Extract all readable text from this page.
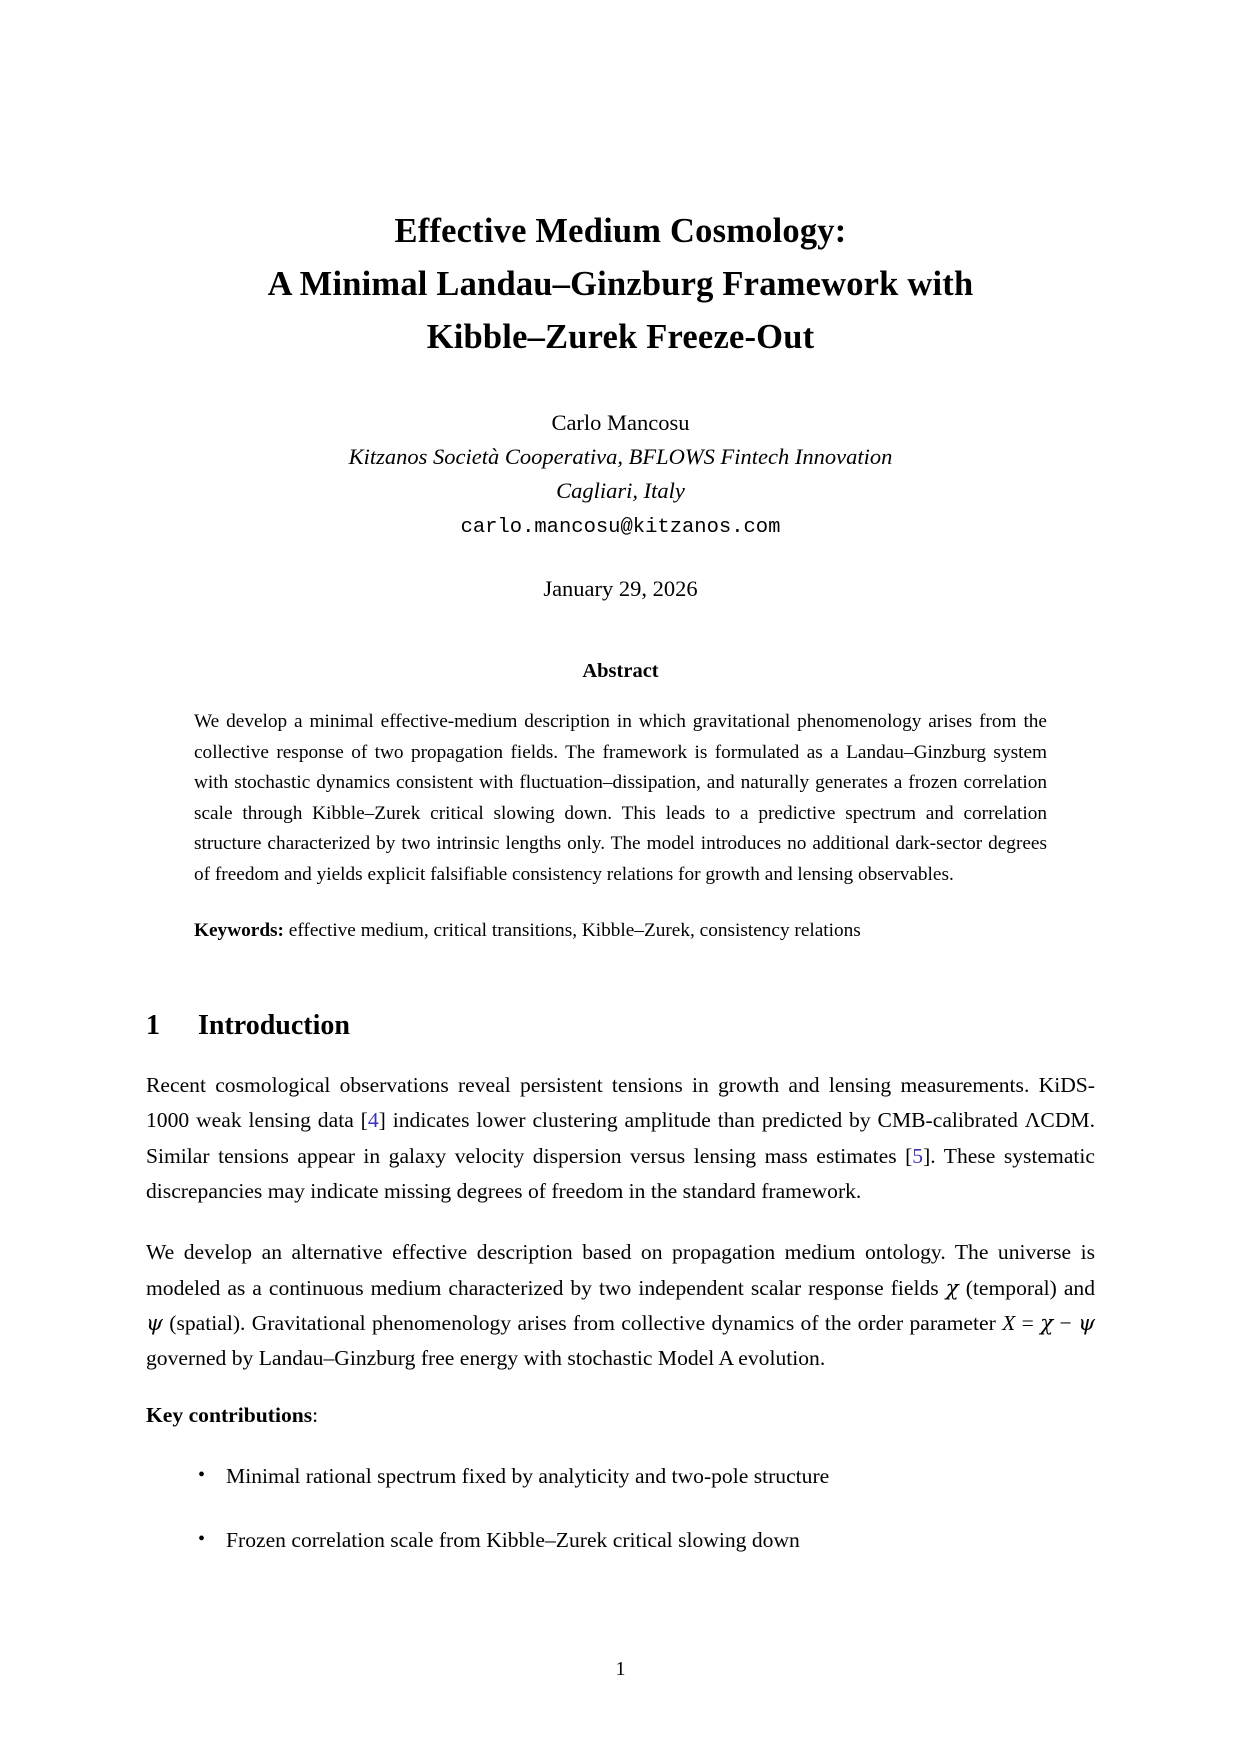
Effective Medium Cosmology:
A Minimal Landau–Ginzburg Framework with
Kibble–Zurek Freeze-Out
Carlo Mancosu
Kitzanos Società Cooperativa, BFLOWS Fintech Innovation
Cagliari, Italy
carlo.mancosu@kitzanos.com
January 29, 2026
Abstract
We develop a minimal effective-medium description in which gravitational phenomenology arises from the collective response of two propagation fields. The framework is formulated as a Landau–Ginzburg system with stochastic dynamics consistent with fluctuation–dissipation, and naturally generates a frozen correlation scale through Kibble–Zurek critical slowing down. This leads to a predictive spectrum and correlation structure characterized by two intrinsic lengths only. The model introduces no additional dark-sector degrees of freedom and yields explicit falsifiable consistency relations for growth and lensing observables.
Keywords: effective medium, critical transitions, Kibble–Zurek, consistency relations
1	Introduction

Recent cosmological observations reveal persistent tensions in growth and lensing measurements. KiDS-1000 weak lensing data [4] indicates lower clustering amplitude than predicted by CMB-calibrated ΛCDM. Similar tensions appear in galaxy velocity dispersion versus lensing mass estimates [5]. These systematic discrepancies may indicate missing degrees of freedom in the standard framework.

We develop an alternative effective description based on propagation medium ontology. The universe is modeled as a continuous medium characterized by two independent scalar response fields χ (temporal) and ψ (spatial). Gravitational phenomenology arises from collective dynamics of the order parameter X = χ − ψ governed by Landau–Ginzburg free energy with stochastic Model A evolution.

Key contributions:
• Minimal rational spectrum fixed by analyticity and two-pole structure
• Frozen correlation scale from Kibble–Zurek critical slowing down
1
